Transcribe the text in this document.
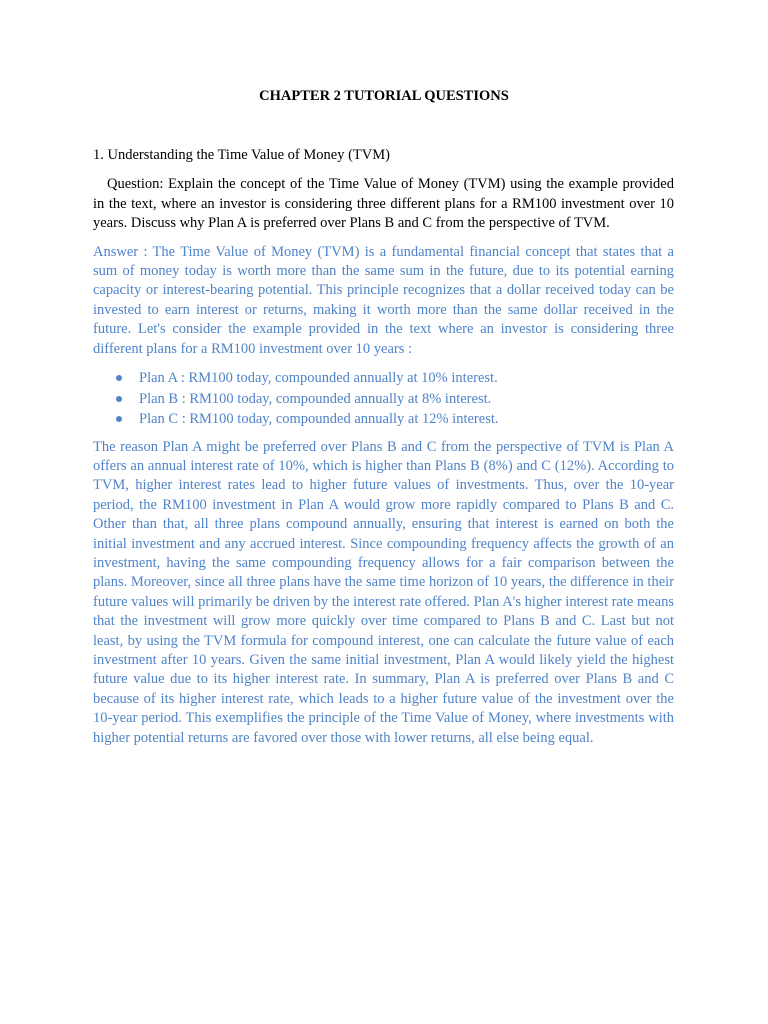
CHAPTER 2 TUTORIAL QUESTIONS

1. Understanding the Time Value of Money (TVM)

Question: Explain the concept of the Time Value of Money (TVM) using the example provided in the text, where an investor is considering three different plans for a RM100 investment over 10 years. Discuss why Plan A is preferred over Plans B and C from the perspective of TVM.

Answer : The Time Value of Money (TVM) is a fundamental financial concept that states that a sum of money today is worth more than the same sum in the future, due to its potential earning capacity or interest-bearing potential. This principle recognizes that a dollar received today can be invested to earn interest or returns, making it worth more than the same dollar received in the future. Let's consider the example provided in the text where an investor is considering three different plans for a RM100 investment over 10 years :

Plan A : RM100 today, compounded annually at 10% interest.
Plan B : RM100 today, compounded annually at 8% interest.
Plan C : RM100 today, compounded annually at 12% interest.

The reason Plan A might be preferred over Plans B and C from the perspective of TVM is Plan A offers an annual interest rate of 10%, which is higher than Plans B (8%) and C (12%). According to TVM, higher interest rates lead to higher future values of investments. Thus, over the 10-year period, the RM100 investment in Plan A would grow more rapidly compared to Plans B and C. Other than that, all three plans compound annually, ensuring that interest is earned on both the initial investment and any accrued interest. Since compounding frequency affects the growth of an investment, having the same compounding frequency allows for a fair comparison between the plans. Moreover, since all three plans have the same time horizon of 10 years, the difference in their future values will primarily be driven by the interest rate offered. Plan A's higher interest rate means that the investment will grow more quickly over time compared to Plans B and C. Last but not least, by using the TVM formula for compound interest, one can calculate the future value of each investment after 10 years. Given the same initial investment, Plan A would likely yield the highest future value due to its higher interest rate. In summary, Plan A is preferred over Plans B and C because of its higher interest rate, which leads to a higher future value of the investment over the 10-year period. This exemplifies the principle of the Time Value of Money, where investments with higher potential returns are favored over those with lower returns, all else being equal.
